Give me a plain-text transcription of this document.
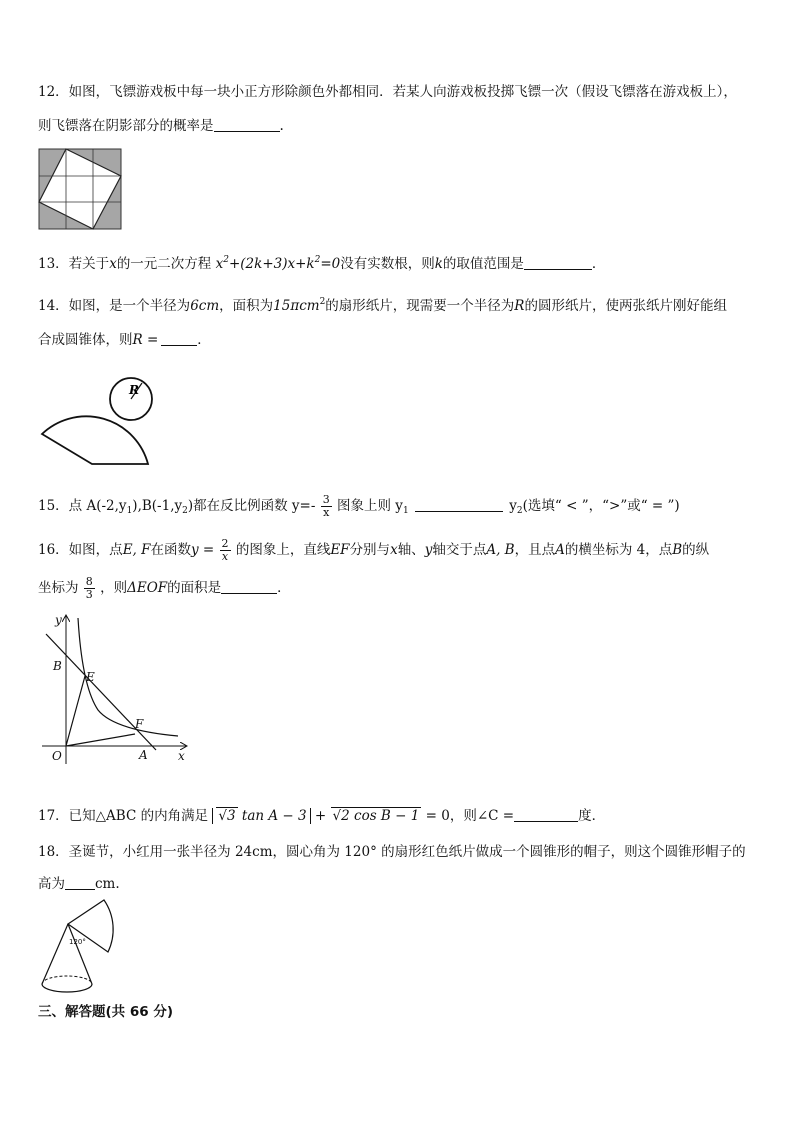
12．如图，飞镖游戏板中每一块小正方形除颜色外都相同．若某人向游戏板投掷飞镖一次（假设飞镖落在游戏板上），
则飞镖落在阴影部分的概率是	.
13．若关于x的一元二次方程 $x^2+(2k+3)x+k^2=0$没有实数根，则k的取值范围是	．
14．如图，是一个半径为6cm，面积为15πcm$^2$的扇形纸片，现需要一个半径为R的圆形纸片，使两张纸片刚好能组
合成圆锥体，则R =	．
R
15．点 $A(-2,y_1),B(-1,y_2)$都在反比例函数 $y=- \frac{3}{x}$ 图象上则 $y_1$	$y_2$(选填“ < ”，“>”或“ = ”)
16．如图，点E, F在函数$y = \frac{2}{x}$ 的图象上，直线EF分别与x轴、y轴交于点A, B，且点A的横坐标为 4，点B的纵
坐标为 $\frac{8}{3}$ ，则ΔEOF的面积是	．
y
x
O	A
B
E
F
17．已知△ABC 的内角满足 √3 tan A − 3 + √2 cos B − 1 = 0，则∠C =	度．
18．圣诞节，小红用一张半径为 24cm，圆心角为 120° 的扇形红色纸片做成一个圆锥形的帽子，则这个圆锥形帽子的
高为 cm.
120°
三、解答题(共 66 分)
